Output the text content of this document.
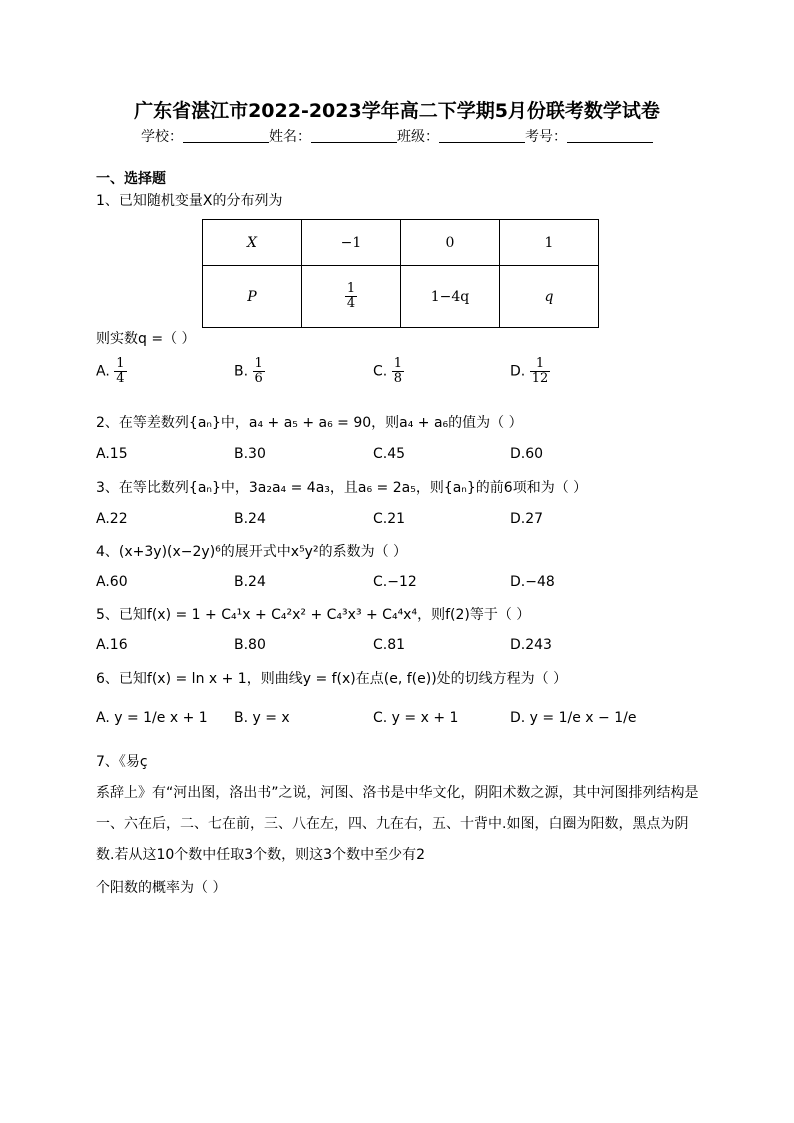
广东省湛江市2022-2023学年高二下学期5月份联考数学试卷
学校：	姓名：	班级：	考号：
一、选择题
1、已知随机变量X的分布列为
X	−1	0	1
P	$\frac{1}{4}$	1−4q	q
则实数q =（ ）
A. $\frac{1}{4}$	B. $\frac{1}{6}$	C. $\frac{1}{8}$	D. $\frac{1}{12}$
2、在等差数列{aₙ}中，a₄ + a₅ + a₆ = 90，则a₄ + a₆的值为（ ）
A.15	B.30	C.45	D.60
3、在等比数列{aₙ}中，3a₂a₄ = 4a₃，且a₆ = 2a₅，则{aₙ}的前6项和为（ ）
A.22	B.24	C.21	D.27
4、(x+3y)(x−2y)⁶的展开式中x⁵y²的系数为（ ）
A.60	B.24	C.−12	D.−48
5、已知f(x) = 1 + C₄¹x + C₄²x² + C₄³x³ + C₄⁴x⁴，则f(2)等于（ ）
A.16	B.80	C.81	D.243
6、已知f(x) = ln x + 1，则曲线y = f(x)在点(e, f(e))处的切线方程为（ ）
A. y = 1/e x + 1 B. y = x	C. y = x + 1	D. y = 1/e x − 1/e
7、《易ç
系辞上》有“河出图，洛出书”之说，河图、洛书是中华文化，阴阳术数之源，其中河图排列结构是一、六在后，二、七在前，三、八在左，四、九在右，五、十背中.如图，白圈为阳数，黑点为阴数.若从这10个数中任取3个数，则这3个数中至少有2
个阳数的概率为（ ）
